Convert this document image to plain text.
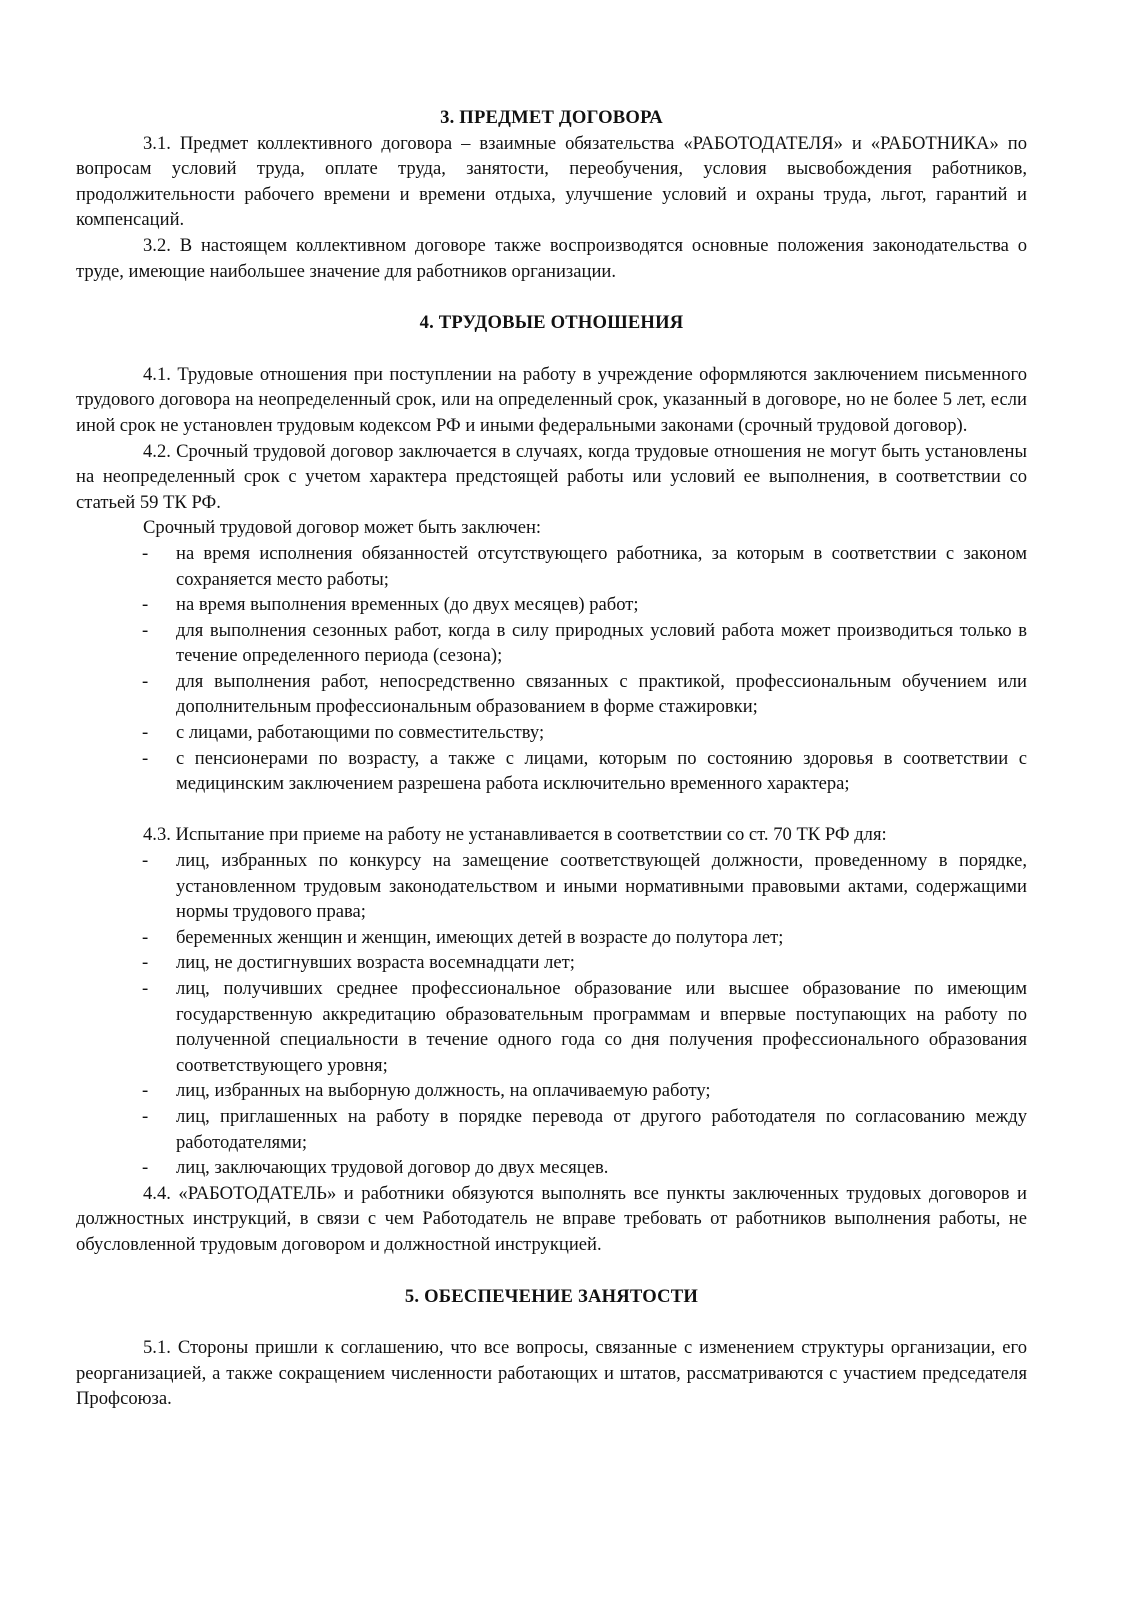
3. ПРЕДМЕТ ДОГОВОРА

3.1. Предмет коллективного договора – взаимные обязательства «РАБОТОДАТЕЛЯ» и «РАБОТНИКА» по вопросам условий труда, оплате труда, занятости, переобучения, условия высвобождения работников, продолжительности рабочего времени и времени отдыха, улучшение условий и охраны труда, льгот, гарантий и компенсаций.

3.2. В настоящем коллективном договоре также воспроизводятся основные положения законодательства о труде, имеющие наибольшее значение для работников организации.

4. ТРУДОВЫЕ ОТНОШЕНИЯ

4.1. Трудовые отношения при поступлении на работу в учреждение оформляются заключением письменного трудового договора на неопределенный срок, или на определенный срок, указанный в договоре, но не более 5 лет, если иной срок не установлен трудовым кодексом РФ и иными федеральными законами (срочный трудовой договор).

4.2. Срочный трудовой договор заключается в случаях, когда трудовые отношения не могут быть установлены на неопределенный срок с учетом характера предстоящей работы или условий ее выполнения, в соответствии со статьей 59 ТК РФ.

Срочный трудовой договор может быть заключен:

- на время исполнения обязанностей отсутствующего работника, за которым в соответствии с законом сохраняется место работы;
- на время выполнения временных (до двух месяцев) работ;
- для выполнения сезонных работ, когда в силу природных условий работа может производиться только в течение определенного периода (сезона);
- для выполнения работ, непосредственно связанных с практикой, профессиональным обучением или дополнительным профессиональным образованием в форме стажировки;
- с лицами, работающими по совместительству;
- с пенсионерами по возрасту, а также с лицами, которым по состоянию здоровья в соответствии с медицинским заключением разрешена работа исключительно временного характера;

4.3. Испытание при приеме на работу не устанавливается в соответствии со ст. 70 ТК РФ для:

- лиц, избранных по конкурсу на замещение соответствующей должности, проведенному в порядке, установленном трудовым законодательством и иными нормативными правовыми актами, содержащими нормы трудового права;
- беременных женщин и женщин, имеющих детей в возрасте до полутора лет;
- лиц, не достигнувших возраста восемнадцати лет;
- лиц, получивших среднее профессиональное образование или высшее образование по имеющим государственную аккредитацию образовательным программам и впервые поступающих на работу по полученной специальности в течение одного года со дня получения профессионального образования соответствующего уровня;
- лиц, избранных на выборную должность, на оплачиваемую работу;
- лиц, приглашенных на работу в порядке перевода от другого работодателя по согласованию между работодателями;
- лиц, заключающих трудовой договор до двух месяцев.

4.4. «РАБОТОДАТЕЛЬ» и работники обязуются выполнять все пункты заключенных трудовых договоров и должностных инструкций, в связи с чем Работодатель не вправе требовать от работников выполнения работы, не обусловленной трудовым договором и должностной инструкцией.

5. ОБЕСПЕЧЕНИЕ ЗАНЯТОСТИ

5.1. Стороны пришли к соглашению, что все вопросы, связанные с изменением структуры организации, его реорганизацией, а также сокращением численности работающих и штатов, рассматриваются с участием председателя Профсоюза.
